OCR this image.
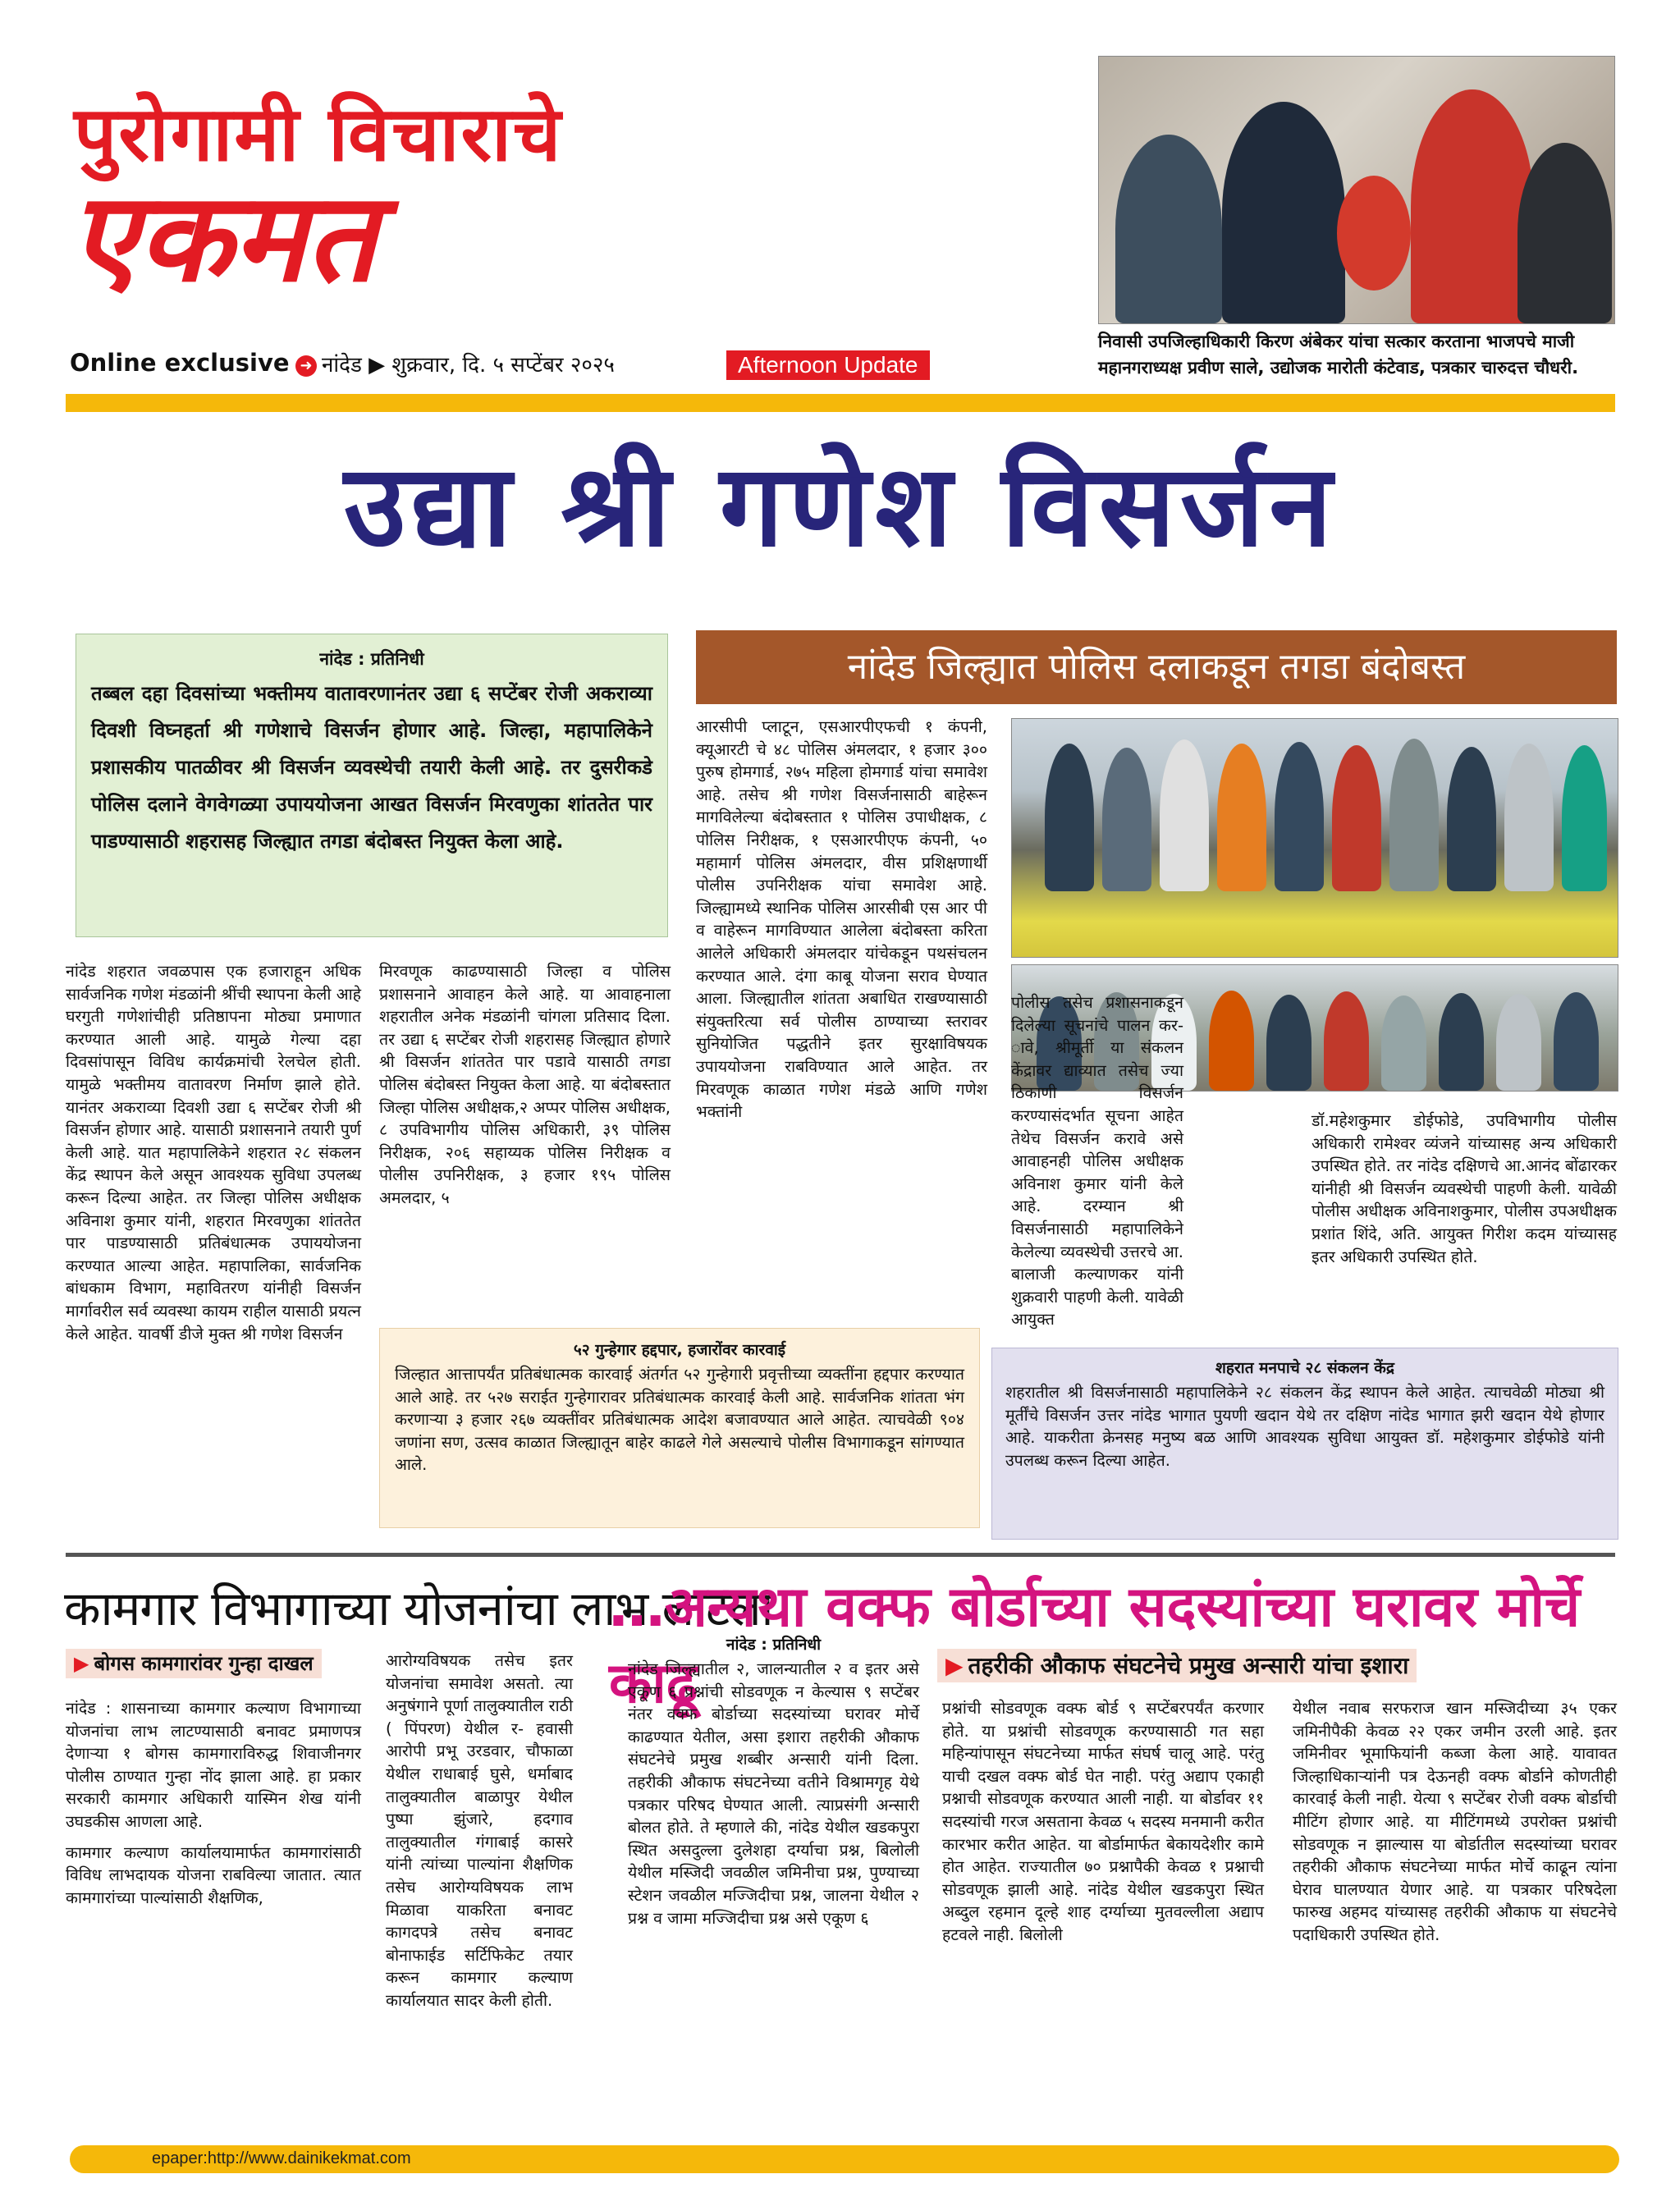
पुरोगामी विचाराचे
एकमत
Online exclusive ➜ नांदेड ▶ शुक्रवार, दि. ५ सप्टेंबर २०२५	Afternoon Update
निवासी उपजिल्हाधिकारी किरण अंबेकर यांचा सत्कार करताना भाजपचे माजी महानगराध्यक्ष प्रवीण साले, उद्योजक मारोती कंटेवाड, पत्रकार चारुदत्त चौधरी.
उद्या श्री गणेश विसर्जन
नांदेड : प्रतिनिधी

तब्बल दहा दिवसांच्या भक्तीमय वातावरणानंतर उद्या ६ सप्टेंबर रोजी अकराव्या दिवशी विघ्नहर्ता श्री गणेशाचे विसर्जन होणार आहे. जिल्हा, महापालिकेने प्रशासकीय पातळीवर श्री विसर्जन व्यवस्थेची तयारी केली आहे. तर दुसरीकडे पोलिस दलाने वेगवेगळ्या उपाययोजना आखत विसर्जन मिरवणुका शांततेत पार पाडण्यासाठी शहरासह जिल्ह्यात तगडा बंदोबस्त नियुक्त केला आहे.

नांदेड जिल्ह्यात पोलिस दलाकडून तगडा बंदोबस्त

नांदेड शहरात जवळपास एक हजाराहून अधिक सार्वजनिक गणेश मंडळांनी श्रींची स्थापना केली आहे घरगुती गणेशांचीही प्रतिष्ठापना मोठ्या प्रमाणात करण्यात आली आहे. यामुळे गेल्या दहा दिवसांपासून विविध कार्यक्रमांची रेलचेल होती. यामुळे भक्तीमय वातावरण निर्माण झाले होते. यानंतर अकराव्या दिवशी उद्या ६ सप्टेंबर रोजी श्री विसर्जन होणार आहे. यासाठी प्रशासनाने तयारी पुर्ण केली आहे. यात महापालिकेने शहरात २८ संकलन केंद्र स्थापन केले असून आवश्यक सुविधा उपलब्ध करून दिल्या आहेत. तर जिल्हा पोलिस अधीक्षक अविनाश कुमार यांनी, शहरात मिरवणुका शांततेत पार पाडण्यासाठी प्रतिबंधात्मक उपाययोजना करण्यात आल्या आहेत. महापालिका, सार्वजनिक बांधकाम विभाग, महावितरण यांनीही विसर्जन मार्गावरील सर्व व्यवस्था कायम राहील यासाठी प्रयत्न केले आहेत. यावर्षी डीजे मुक्त श्री गणेश विसर्जन

मिरवणूक काढण्यासाठी जिल्हा व पोलिस प्रशासनाने आवाहन केले आहे. या आवाहनाला शहरातील अनेक मंडळांनी चांगला प्रतिसाद दिला. तर उद्या ६ सप्टेंबर रोजी शहरासह जिल्ह्यात होणारे श्री विसर्जन शांततेत पार पडावे यासाठी तगडा पोलिस बंदोबस्त नियुक्त केला आहे. या बंदोबस्तात जिल्हा पोलिस अधीक्षक,२ अप्पर पोलिस अधीक्षक, ८ उपविभागीय पोलिस अधिकारी, ३९ पोलिस निरीक्षक, २०६ सहाय्यक पोलिस निरीक्षक व पोलीस उपनिरीक्षक, ३ हजार १९५ पोलिस अमलदार, ५

आरसीपी प्लाटून, एसआरपीएफची १ कंपनी, क्यूआरटी चे ४८ पोलिस अंमलदार, १ हजार ३०० पुरुष होमगार्ड, २७५ महिला होमगार्ड यांचा समावेश आहे. तसेच श्री गणेश विसर्जनासाठी बाहेरून मागविलेल्या बंदोबस्तात १ पोलिस उपाधीक्षक, ८ पोलिस निरीक्षक, १ एसआरपीएफ कंपनी, ५० महामार्ग पोलिस अंमलदार, वीस प्रशिक्षणार्थी पोलीस उपनिरीक्षक यांचा समावेश आहे. जिल्ह्यामध्ये स्थानिक पोलिस आरसीबी एस आर पी व वाहेरून मागविण्यात आलेला बंदोबस्ता करिता आलेले अधिकारी अंमलदार यांचेकडून पथसंचलन करण्यात आले. दंगा काबू योजना सराव घेण्यात आला. जिल्ह्यातील शांतता अबाधित राखण्यासाठी संयुक्तरित्या सर्व पोलीस ठाण्याच्या स्तरावर सुनियोजित पद्धतीने इतर सुरक्षाविषयक उपाययोजना राबविण्यात आले आहेत. तर मिरवणूक काळात गणेश मंडळे आणि गणेश भक्तांनी

पोलीस तसेच प्रशासनाकडून दिलेल्या सूचनांचे पालन कर- ावे, श्रीमूर्ती या संकलन केंद्रावर द्याव्यात तसेच ज्या ठिकाणी विसर्जन करण्यासंदर्भात सूचना आहेत तेथेच विसर्जन करावे असे आवाहनही पोलिस अधीक्षक अविनाश कुमार यांनी केले आहे. दरम्यान श्री विसर्जनासाठी महापालिकेने केलेल्या व्यवस्थेची उत्तरचे आ. बालाजी कल्याणकर यांनी शुक्रवारी पाहणी केली. यावेळी आयुक्त

डॉ.महेशकुमार डोईफोडे, उपविभागीय पोलीस अधिकारी रामेश्वर व्यंजने यांच्यासह अन्य अधिकारी उपस्थित होते. तर नांदेड दक्षिणचे आ.आनंद बोंढारकर यांनीही श्री विसर्जन व्यवस्थेची पाहणी केली. यावेळी पोलीस अधीक्षक अविनाशकुमार, पोलीस उपअधीक्षक प्रशांत शिंदे, अति. आयुक्त गिरीश कदम यांच्यासह इतर अधिकारी उपस्थित होते.

५२ गुन्हेगार हद्दपार, हजारोंवर कारवाई

जिल्हात आत्तापर्यंत प्रतिबंधात्मक कारवाई अंतर्गत ५२ गुन्हेगारी प्रवृत्तीच्या व्यक्तींना हद्दपार करण्यात आले आहे. तर ५२७ सराईत गुन्हेगारावर प्रतिबंधात्मक कारवाई केली आहे. सार्वजनिक शांतता भंग करणाऱ्या ३ हजार २६७ व्यक्तींवर प्रतिबंधात्मक आदेश बजावण्यात आले आहेत. त्याचवेळी ९०४ जणांना सण, उत्सव काळात जिल्ह्यातून बाहेर काढले गेले असल्याचे पोलीस विभागाकडून सांगण्यात आले.

शहरात मनपाचे २८ संकलन केंद्र

शहरातील श्री विसर्जनासाठी महापालिकेने २८ संकलन केंद्र स्थापन केले आहेत. त्याचवेळी मोठ्या श्री मूर्तींचे विसर्जन उत्तर नांदेड भागात पुयणी खदान येथे तर दक्षिण नांदेड भागात झरी खदान येथे होणार आहे. याकरीता क्रेनसह मनुष्य बळ आणि आवश्यक सुविधा आयुक्त डॉ. महेशकुमार डोईफोडे यांनी उपलब्ध करून दिल्या आहेत.

कामगार विभागाच्या योजनांचा लाभ लाटला
▶ बोगस कामगारांवर गुन्हा दाखल

नांदेड : शासनाच्या कामगार कल्याण विभागाच्या योजनांचा लाभ लाटण्यासाठी बनावट प्रमाणपत्र देणाऱ्या १ बोगस कामगाराविरुद्ध शिवाजीनगर पोलीस ठाण्यात गुन्हा नोंद झाला आहे. हा प्रकार सरकारी कामगार अधिकारी यास्मिन शेख यांनी उघडकीस आणला आहे.

कामगार कल्याण कार्यालयामार्फत कामगारांसाठी विविध लाभदायक योजना राबविल्या जातात. त्यात कामगारांच्या पाल्यांसाठी शैक्षणिक,

आरोग्यविषयक तसेच इतर योजनांचा समावेश असतो. त्या अनुषंगाने पूर्णा तालुक्यातील राठी ( पिंपरण) येथील र- हवासी आरोपी प्रभू उरडवार, चौफाळा येथील राधाबाई घुसे, धर्माबाद तालुक्यातील बाळापुर येथील पुष्पा झुंजारे, हदगाव तालुक्यातील गंगाबाई कासरे यांनी त्यांच्या पाल्यांना शैक्षणिक तसेच आरोग्यविषयक लाभ मिळावा याकरिता बनावट कागदपत्रे तसेच बनावट बोनाफाईड सर्टिफिकेट तयार करून कामगार कल्याण कार्यालयात सादर केली होती.

…अन्यथा वक्फ बोर्डाच्या सदस्यांच्या घरावर मोर्चे काढू
नांदेड : प्रतिनिधी

नांदेड जिल्ह्यातील २, जालन्यातील २ व इतर असे एकूण ६ प्रश्नांची सोडवणूक न केल्यास ९ सप्टेंबर नंतर वक्फ बोर्डाच्या सदस्यांच्या घरावर मोर्चे काढण्यात येतील, असा इशारा तहरीकी औकाफ संघटनेचे प्रमुख शब्बीर अन्सारी यांनी दिला. तहरीकी औकाफ संघटनेच्या वतीने विश्रामगृह येथे पत्रकार परिषद घेण्यात आली. त्याप्रसंगी अन्सारी बोलत होते. ते म्हणाले की, नांदेड येथील खडकपुरा स्थित असदुल्ला दुलेशहा दर्ग्याचा प्रश्न, बिलोली येथील मस्जिदी जवळील जमिनीचा प्रश्न, पुण्याच्या स्टेशन जवळील मज्जिदीचा प्रश्न, जालना येथील २ प्रश्न व जामा मज्जिदीचा प्रश्न असे एकूण ६

▶ तहरीकी औकाफ संघटनेचे प्रमुख अन्सारी यांचा इशारा

प्रश्नांची सोडवणूक वक्फ बोर्ड ९ सप्टेंबरपर्यंत करणार होते. या प्रश्नांची सोडवणूक करण्यासाठी गत सहा महिन्यांपासून संघटनेच्या मार्फत संघर्ष चालू आहे. परंतु याची दखल वक्फ बोर्ड घेत नाही. परंतु अद्याप एकाही प्रश्नाची सोडवणूक करण्यात आली नाही. या बोर्डावर ११ सदस्यांची गरज असताना केवळ ५ सदस्य मनमानी करीत कारभार करीत आहेत. या बोर्डामार्फत बेकायदेशीर कामे होत आहेत. राज्यातील ७० प्रश्नापैकी केवळ १ प्रश्नाची सोडवणूक झाली आहे. नांदेड येथील खडकपुरा स्थित अब्दुल रहमान दूल्हे शाह दर्ग्याच्या मुतवल्लीला अद्याप हटवले नाही. बिलोली

येथील नवाब सरफराज खान मस्जिदीच्या ३५ एकर जमिनीपैकी केवळ २२ एकर जमीन उरली आहे. इतर जमिनीवर भूमाफियांनी कब्जा केला आहे. यावावत जिल्हाधिकाऱ्यांनी पत्र देऊनही वक्फ बोर्डाने कोणतीही कारवाई केली नाही. येत्या ९ सप्टेंबर रोजी वक्फ बोर्डाची मीटिंग होणार आहे. या मीटिंगमध्ये उपरोक्त प्रश्नांची सोडवणूक न झाल्यास या बोर्डातील सदस्यांच्या घरावर तहरीकी औकाफ संघटनेच्या मार्फत मोर्चे काढून त्यांना घेराव घालण्यात येणार आहे. या पत्रकार परिषदेला फारुख अहमद यांच्यासह तहरीकी औकाफ या संघटनेचे पदाधिकारी उपस्थित होते.

epaper:http://www.dainikekmat.com
